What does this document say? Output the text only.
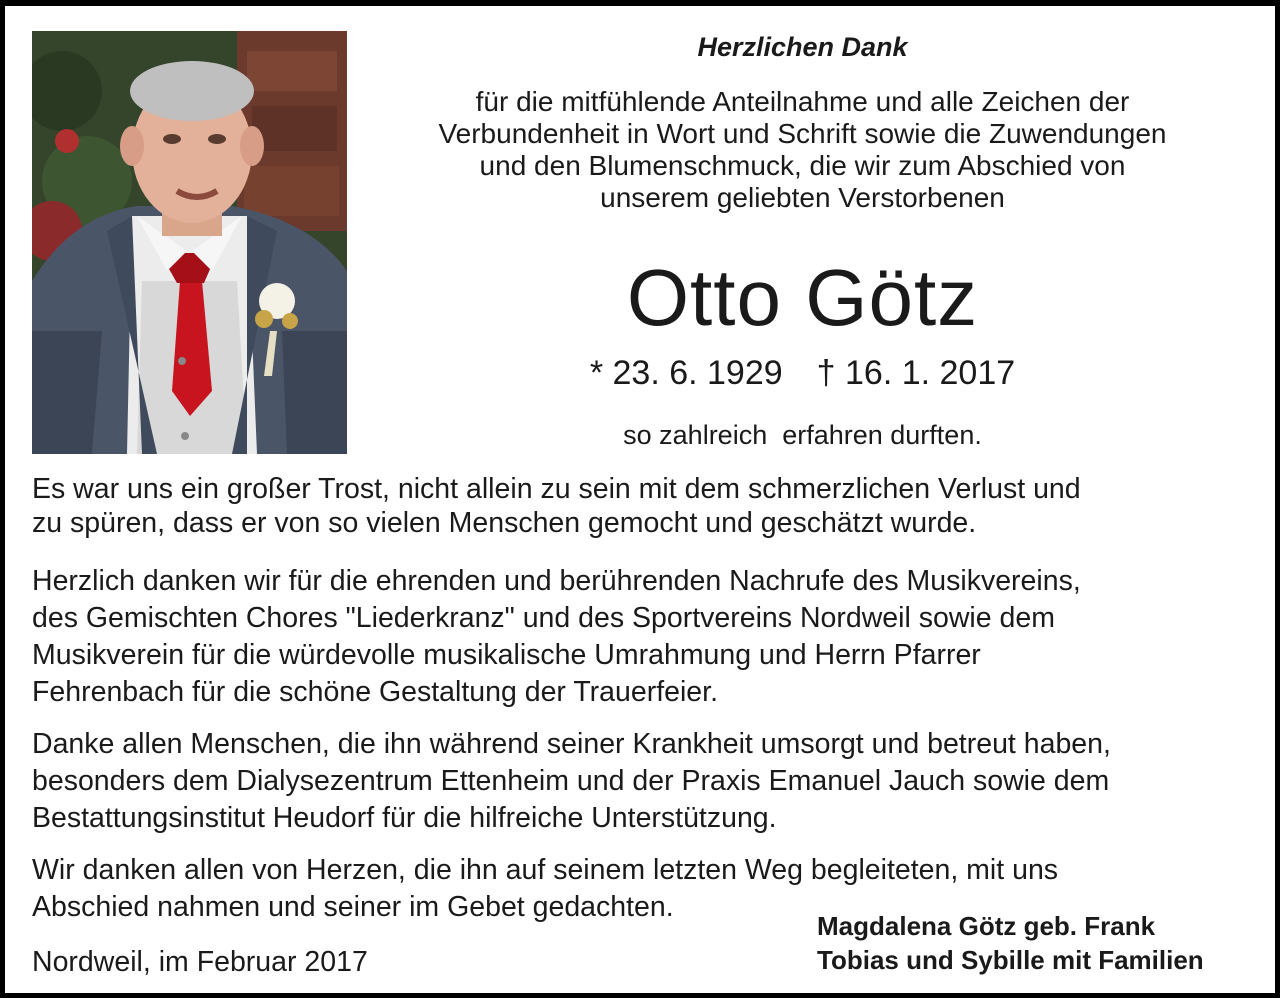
Herzlichen Dank
für die mitfühlende Anteilnahme und alle Zeichen der
Verbundenheit in Wort und Schrift sowie die Zuwendungen
und den Blumenschmuck, die wir zum Abschied von
unserem geliebten Verstorbenen
Otto Götz
* 23. 6. 1929 † 16. 1. 2017
so zahlreich  erfahren durften.
Es war uns ein großer Trost, nicht allein zu sein mit dem schmerzlichen Verlust und
zu spüren, dass er von so vielen Menschen gemocht und geschätzt wurde.
Herzlich danken wir für die ehrenden und berührenden Nachrufe des Musikvereins,
des Gemischten Chores "Liederkranz" und des Sportvereins Nordweil sowie dem
Musikverein für die würdevolle musikalische Umrahmung und Herrn Pfarrer
Fehrenbach für die schöne Gestaltung der Trauerfeier.
Danke allen Menschen, die ihn während seiner Krankheit umsorgt und betreut haben,
besonders dem Dialysezentrum Ettenheim und der Praxis Emanuel Jauch sowie dem
Bestattungsinstitut Heudorf für die hilfreiche Unterstützung.
Wir danken allen von Herzen, die ihn auf seinem letzten Weg begleiteten, mit uns
Abschied nahmen und seiner im Gebet gedachten.
Nordweil, im Februar 2017
Magdalena Götz geb. Frank
Tobias und Sybille mit Familien
